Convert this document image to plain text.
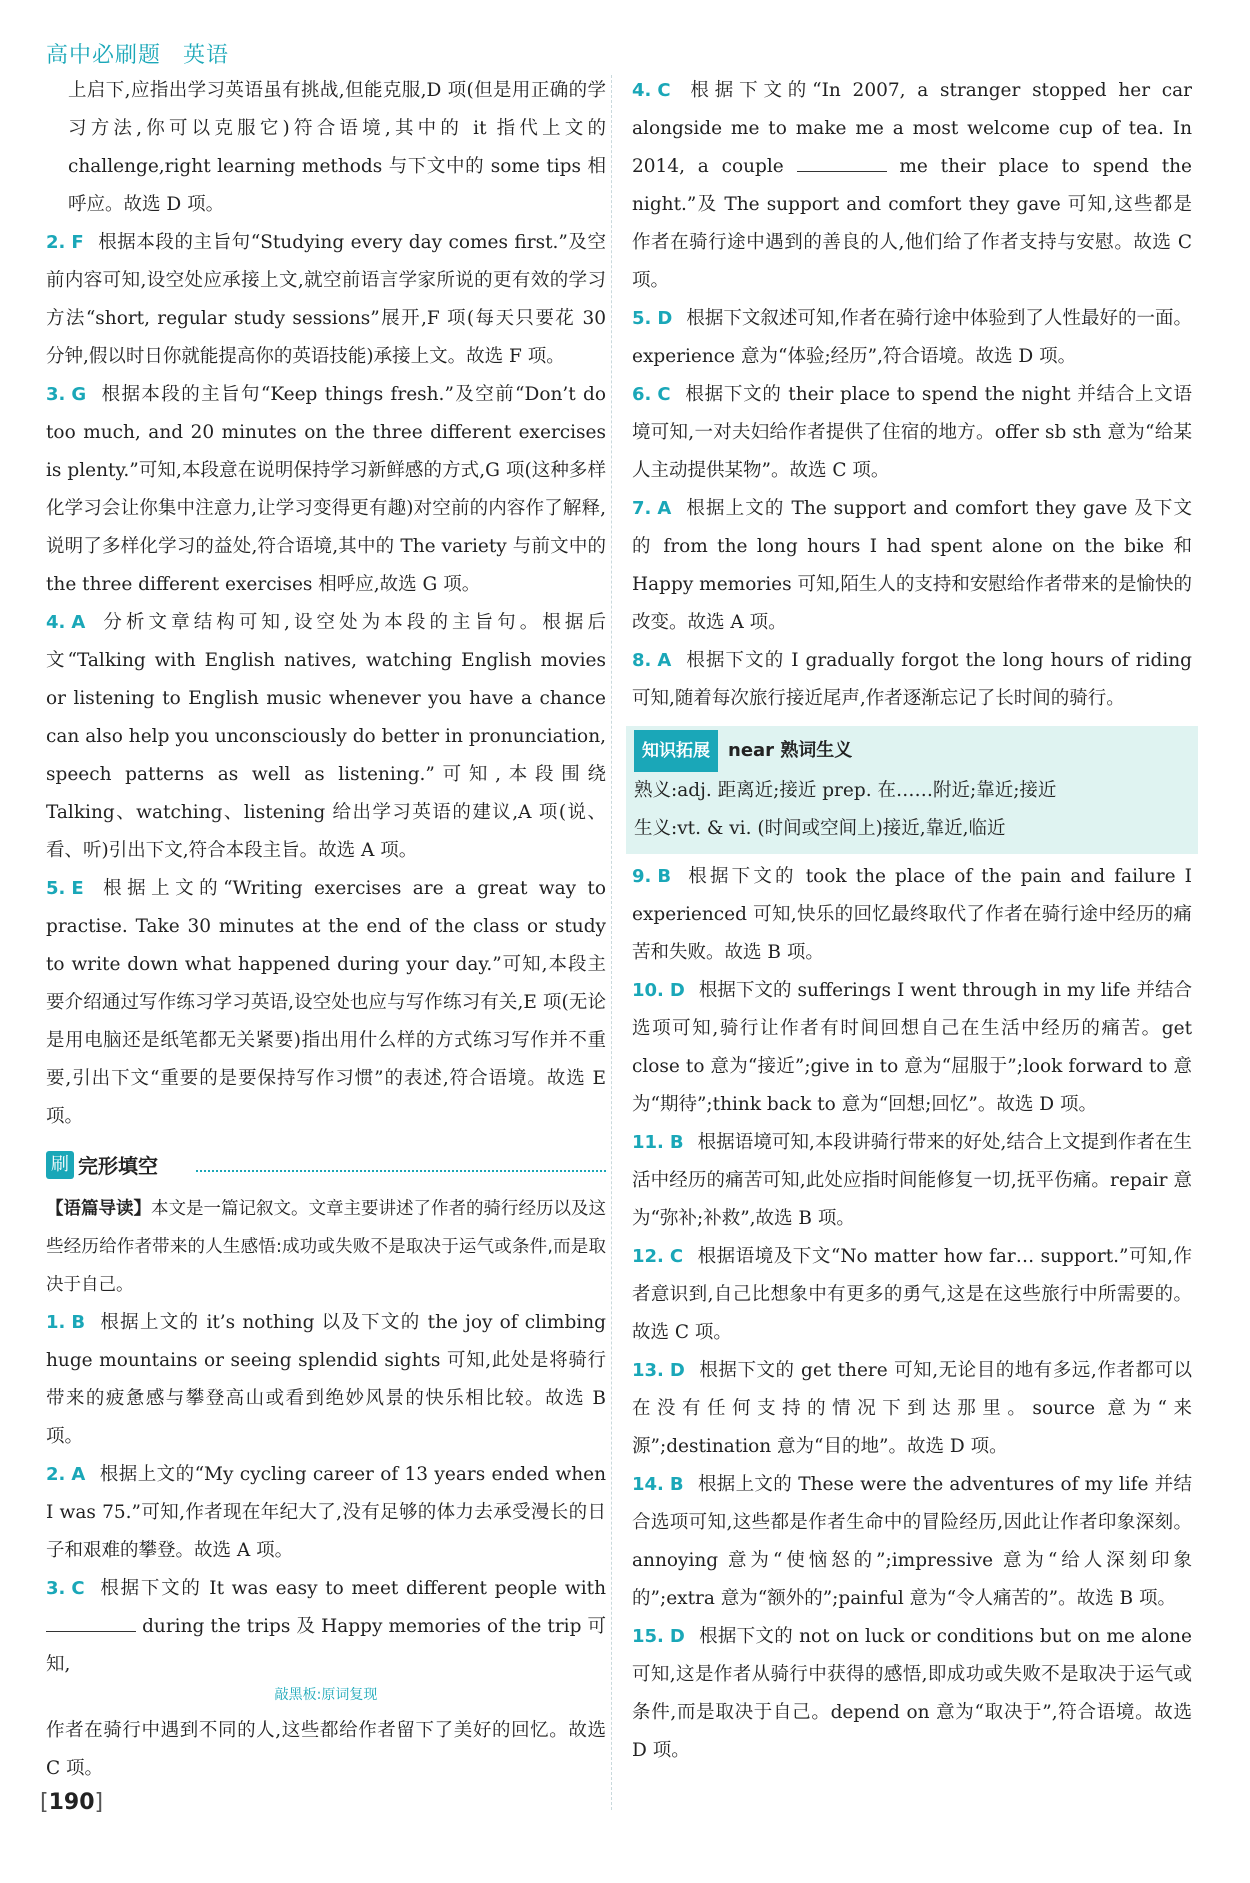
高中必刷题 英语

上启下,应指出学习英语虽有挑战,但能克服,D 项(但是用正确的学习方法,你可以克服它)符合语境,其中的 it 指代上文的 challenge,right learning methods 与下文中的 some tips 相呼应。故选 D 项。

2. F 根据本段的主旨句“Studying every day comes first.”及空前内容可知,设空处应承接上文,就空前语言学家所说的更有效的学习方法“short, regular study sessions”展开,F 项(每天只要花 30 分钟,假以时日你就能提高你的英语技能)承接上文。故选 F 项。

3. G 根据本段的主旨句“Keep things fresh.”及空前“Don’t do too much, and 20 minutes on the three different exercises is plenty.”可知,本段意在说明保持学习新鲜感的方式,G 项(这种多样化学习会让你集中注意力,让学习变得更有趣)对空前的内容作了解释,说明了多样化学习的益处,符合语境,其中的 The variety 与前文中的 the three different exercises 相呼应,故选 G 项。

4. A 分析文章结构可知,设空处为本段的主旨句。根据后文“Talking with English natives, watching English movies or listening to English music whenever you have a chance can also help you unconsciously do better in pronunciation, speech patterns as well as listening.”可知,本段围绕 Talking、watching、listening 给出学习英语的建议,A 项(说、看、听)引出下文,符合本段主旨。故选 A 项。

5. E 根据上文的“Writing exercises are a great way to practise. Take 30 minutes at the end of the class or study to write down what happened during your day.”可知,本段主要介绍通过写作练习学习英语,设空处也应与写作练习有关,E 项(无论是用电脑还是纸笔都无关紧要)指出用什么样的方式练习写作并不重要,引出下文“重要的是要保持写作习惯”的表述,符合语境。故选 E 项。

刷 完形填空

【语篇导读】本文是一篇记叙文。文章主要讲述了作者的骑行经历以及这些经历给作者带来的人生感悟:成功或失败不是取决于运气或条件,而是取决于自己。

1. B 根据上文的 it’s nothing 以及下文的 the joy of climbing huge mountains or seeing splendid sights 可知,此处是将骑行带来的疲惫感与攀登高山或看到绝妙风景的快乐相比较。故选 B 项。

2. A 根据上文的“My cycling career of 13 years ended when I was 75.”可知,作者现在年纪大了,没有足够的体力去承受漫长的日子和艰难的攀登。故选 A 项。

3. C 根据下文的 It was easy to meet different people with  during the trips 及 Happy memories of the trip 可知,

敲黑板:原词复现

作者在骑行中遇到不同的人,这些都给作者留下了美好的回忆。故选 C 项。

4. C 根据下文的“In 2007, a stranger stopped her car alongside me to make me a most welcome cup of tea. In 2014, a couple	me their place to spend the night.”及 The support and comfort they gave 可知,这些都是作者在骑行途中遇到的善良的人,他们给了作者支持与安慰。故选 C 项。

5. D 根据下文叙述可知,作者在骑行途中体验到了人性最好的一面。experience 意为“体验;经历”,符合语境。故选 D 项。

6. C 根据下文的 their place to spend the night 并结合上文语境可知,一对夫妇给作者提供了住宿的地方。offer sb sth 意为“给某人主动提供某物”。故选 C 项。

7. A 根据上文的 The support and comfort they gave 及下文的 from the long hours I had spent alone on the bike 和 Happy memories 可知,陌生人的支持和安慰给作者带来的是愉快的改变。故选 A 项。

8. A 根据下文的 I gradually forgot the long hours of riding 可知,随着每次旅行接近尾声,作者逐渐忘记了长时间的骑行。

知识拓展 near 熟词生义

熟义:adj. 距离近;接近 prep. 在……附近;靠近;接近

生义:vt. & vi. (时间或空间上)接近,靠近,临近

9. B 根据下文的 took the place of the pain and failure I experienced 可知,快乐的回忆最终取代了作者在骑行途中经历的痛苦和失败。故选 B 项。

10. D 根据下文的 sufferings I went through in my life 并结合选项可知,骑行让作者有时间回想自己在生活中经历的痛苦。get close to 意为“接近”;give in to 意为“屈服于”;look forward to 意为“期待”;think back to 意为“回想;回忆”。故选 D 项。

11. B 根据语境可知,本段讲骑行带来的好处,结合上文提到作者在生活中经历的痛苦可知,此处应指时间能修复一切,抚平伤痛。repair 意为“弥补;补救”,故选 B 项。

12. C 根据语境及下文“No matter how far… support.”可知,作者意识到,自己比想象中有更多的勇气,这是在这些旅行中所需要的。故选 C 项。

13. D 根据下文的 get there 可知,无论目的地有多远,作者都可以在没有任何支持的情况下到达那里。source 意为“来源”;destination 意为“目的地”。故选 D 项。

14. B 根据上文的 These were the adventures of my life 并结合选项可知,这些都是作者生命中的冒险经历,因此让作者印象深刻。annoying 意为“使恼怒的”;impressive 意为“给人深刻印象的”;extra 意为“额外的”;painful 意为“令人痛苦的”。故选 B 项。

15. D 根据下文的 not on luck or conditions but on me alone 可知,这是作者从骑行中获得的感悟,即成功或失败不是取决于运气或条件,而是取决于自己。depend on 意为“取决于”,符合语境。故选 D 项。

[190]
